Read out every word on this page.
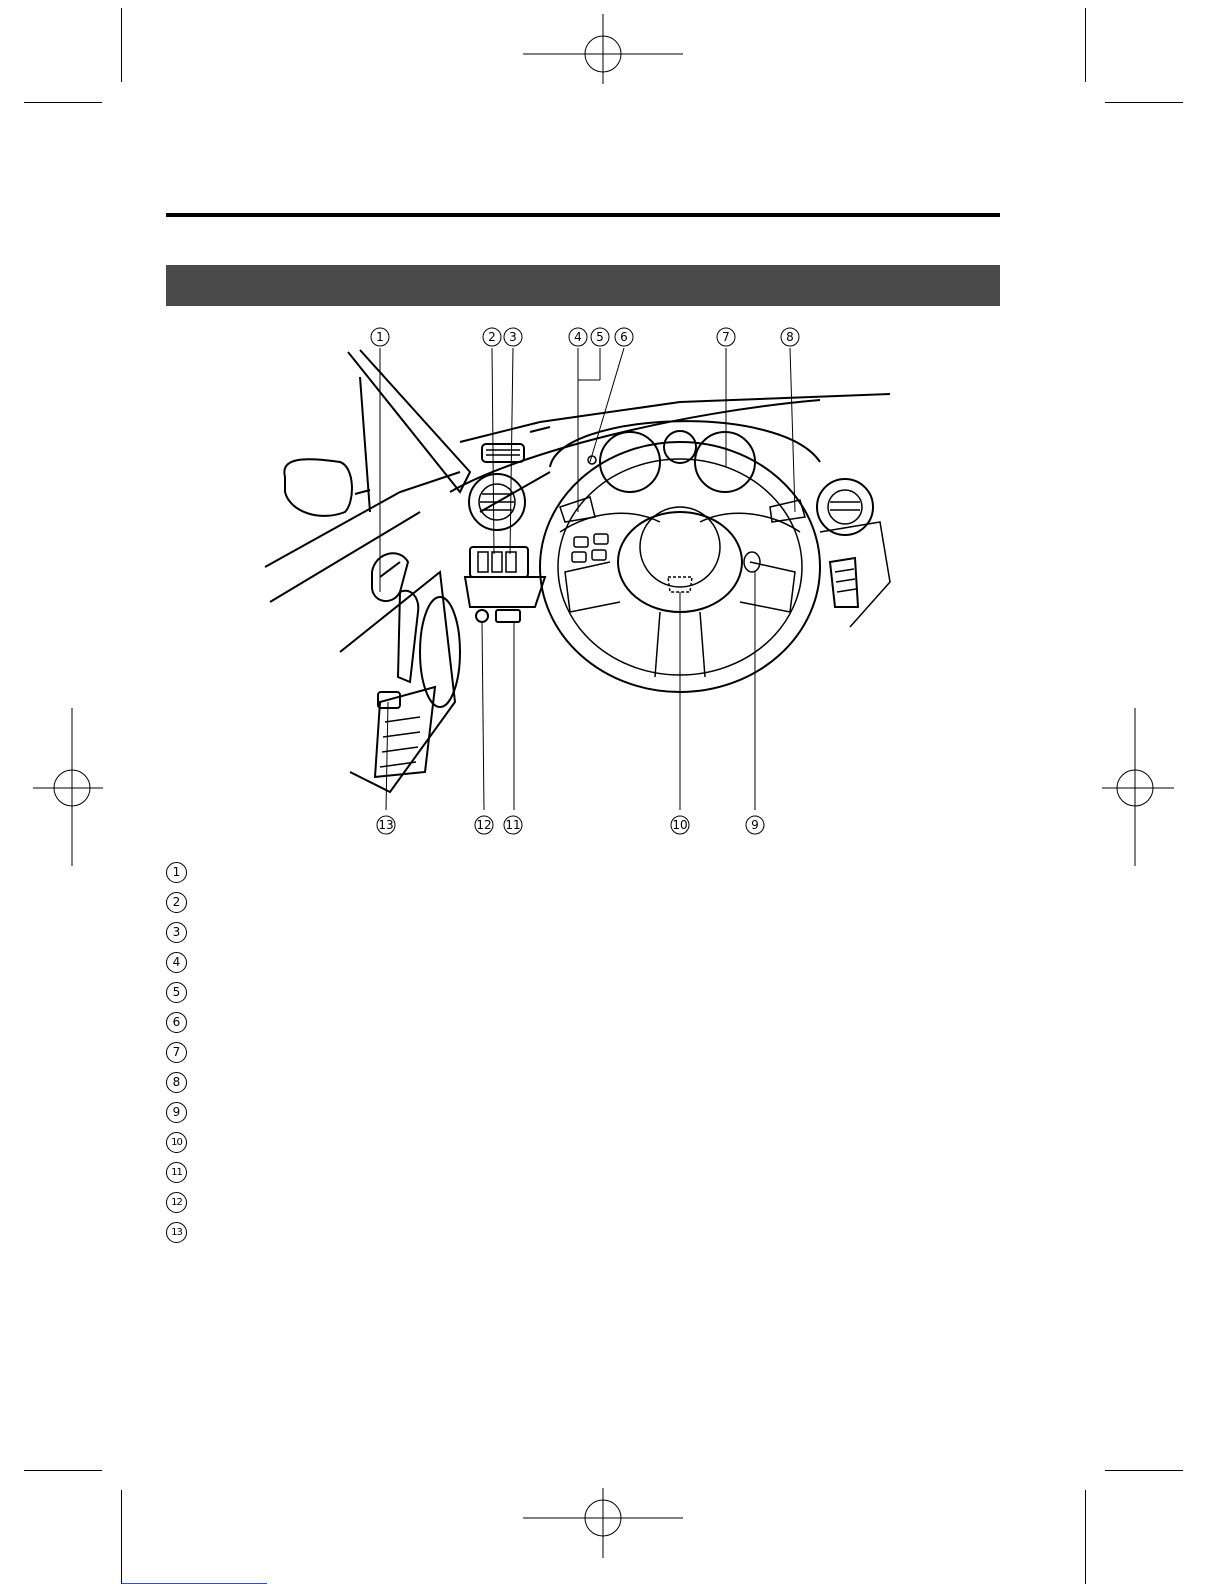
1	2 3	4 5 6	7	8
9
10
11
12
13
1
2
3
4
5
6
7
8
9
10
11
12
13
